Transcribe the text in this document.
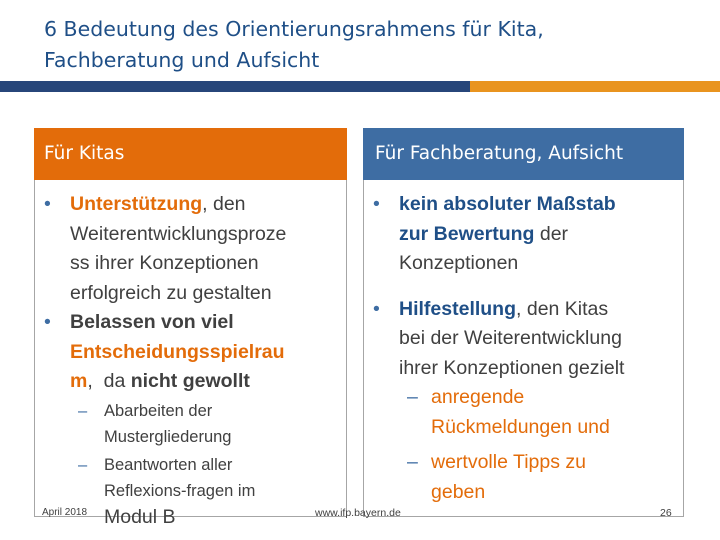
6 Bedeutung des Orientierungsrahmens für Kita,
Fachberatung und Aufsicht
Für Kitas	Für Fachberatung, Aufsicht
• Unterstützung, den
Weiterentwicklungsproze
ss ihrer Konzeptionen
erfolgreich zu gestalten
• Belassen von viel
Entscheidungsspielrau
m,  da nicht gewollt
– Abarbeiten der
Mustergliederung
– Beantworten aller
Reflexions-fragen im
Modul B
• kein absoluter Maßstab
zur Bewertung der
Konzeptionen
• Hilfestellung, den Kitas
bei der Weiterentwicklung
ihrer Konzeptionen gezielt
– anregende
Rückmeldungen und
– wertvolle Tipps zu
geben
April 2018	www.ifp.bayern.de	26
